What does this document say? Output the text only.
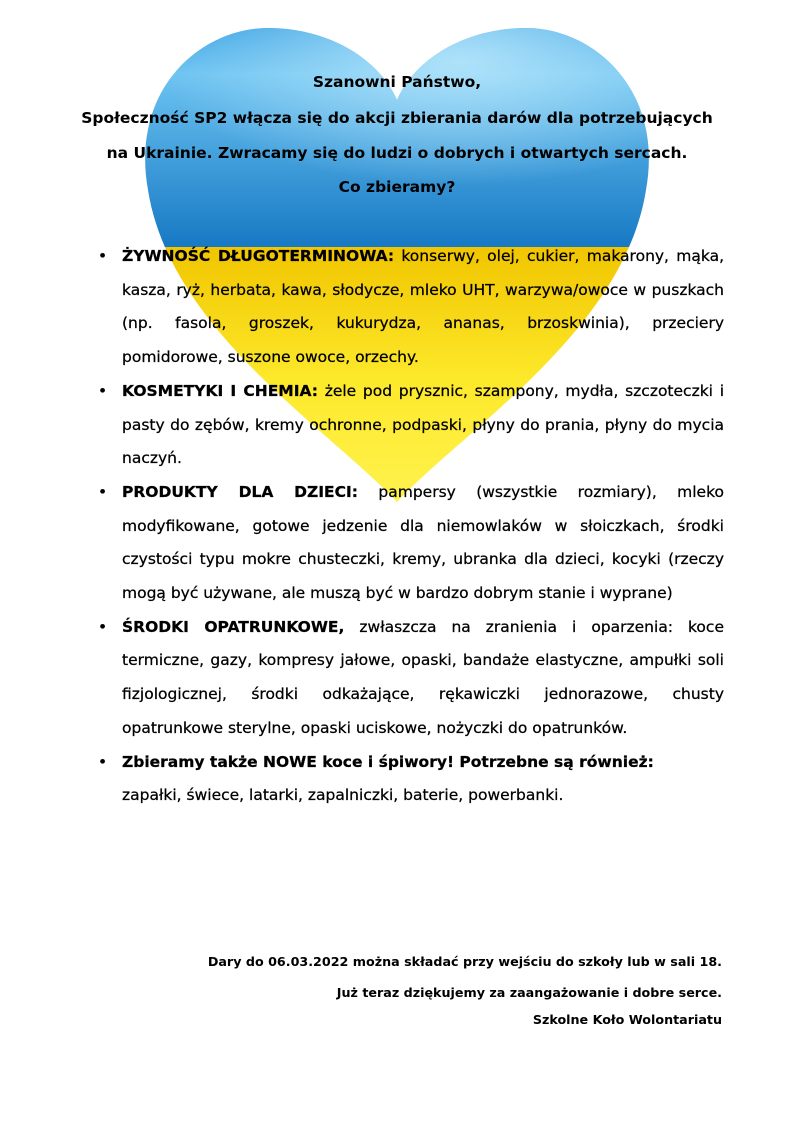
Szanowni Państwo,
Społeczność SP2 włącza się do akcji zbierania darów dla potrzebujących
na Ukrainie. Zwracamy się do ludzi o dobrych i otwartych sercach.
Co zbieramy?
• ŻYWNOŚĆ DŁUGOTERMINOWA: konserwy, olej, cukier, makarony, mąka, kasza, ryż, herbata, kawa, słodycze, mleko UHT, warzywa/owoce w puszkach (np. fasola, groszek, kukurydza, ananas, brzoskwinia), przeciery pomidorowe, suszone owoce, orzechy.
• KOSMETYKI I CHEMIA: żele pod prysznic, szampony, mydła, szczoteczki i pasty do zębów, kremy ochronne, podpaski, płyny do prania, płyny do mycia naczyń.
• PRODUKTY DLA DZIECI: pampersy (wszystkie rozmiary), mleko modyfikowane, gotowe jedzenie dla niemowlaków w słoiczkach, środki czystości typu mokre chusteczki, kremy, ubranka dla dzieci, kocyki (rzeczy mogą być używane, ale muszą być w bardzo dobrym stanie i wyprane)
• ŚRODKI OPATRUNKOWE, zwłaszcza na zranienia i oparzenia: koce termiczne, gazy, kompresy jałowe, opaski, bandaże elastyczne, ampułki soli fizjologicznej, środki odkażające, rękawiczki jednorazowe, chusty opatrunkowe sterylne, opaski uciskowe, nożyczki do opatrunków.
• Zbieramy także NOWE koce i śpiwory! Potrzebne są również:
zapałki, świece, latarki, zapalniczki, baterie, powerbanki.
Dary do 06.03.2022 można składać przy wejściu do szkoły lub w sali 18.
Już teraz dziękujemy za zaangażowanie i dobre serce.
Szkolne Koło Wolontariatu
